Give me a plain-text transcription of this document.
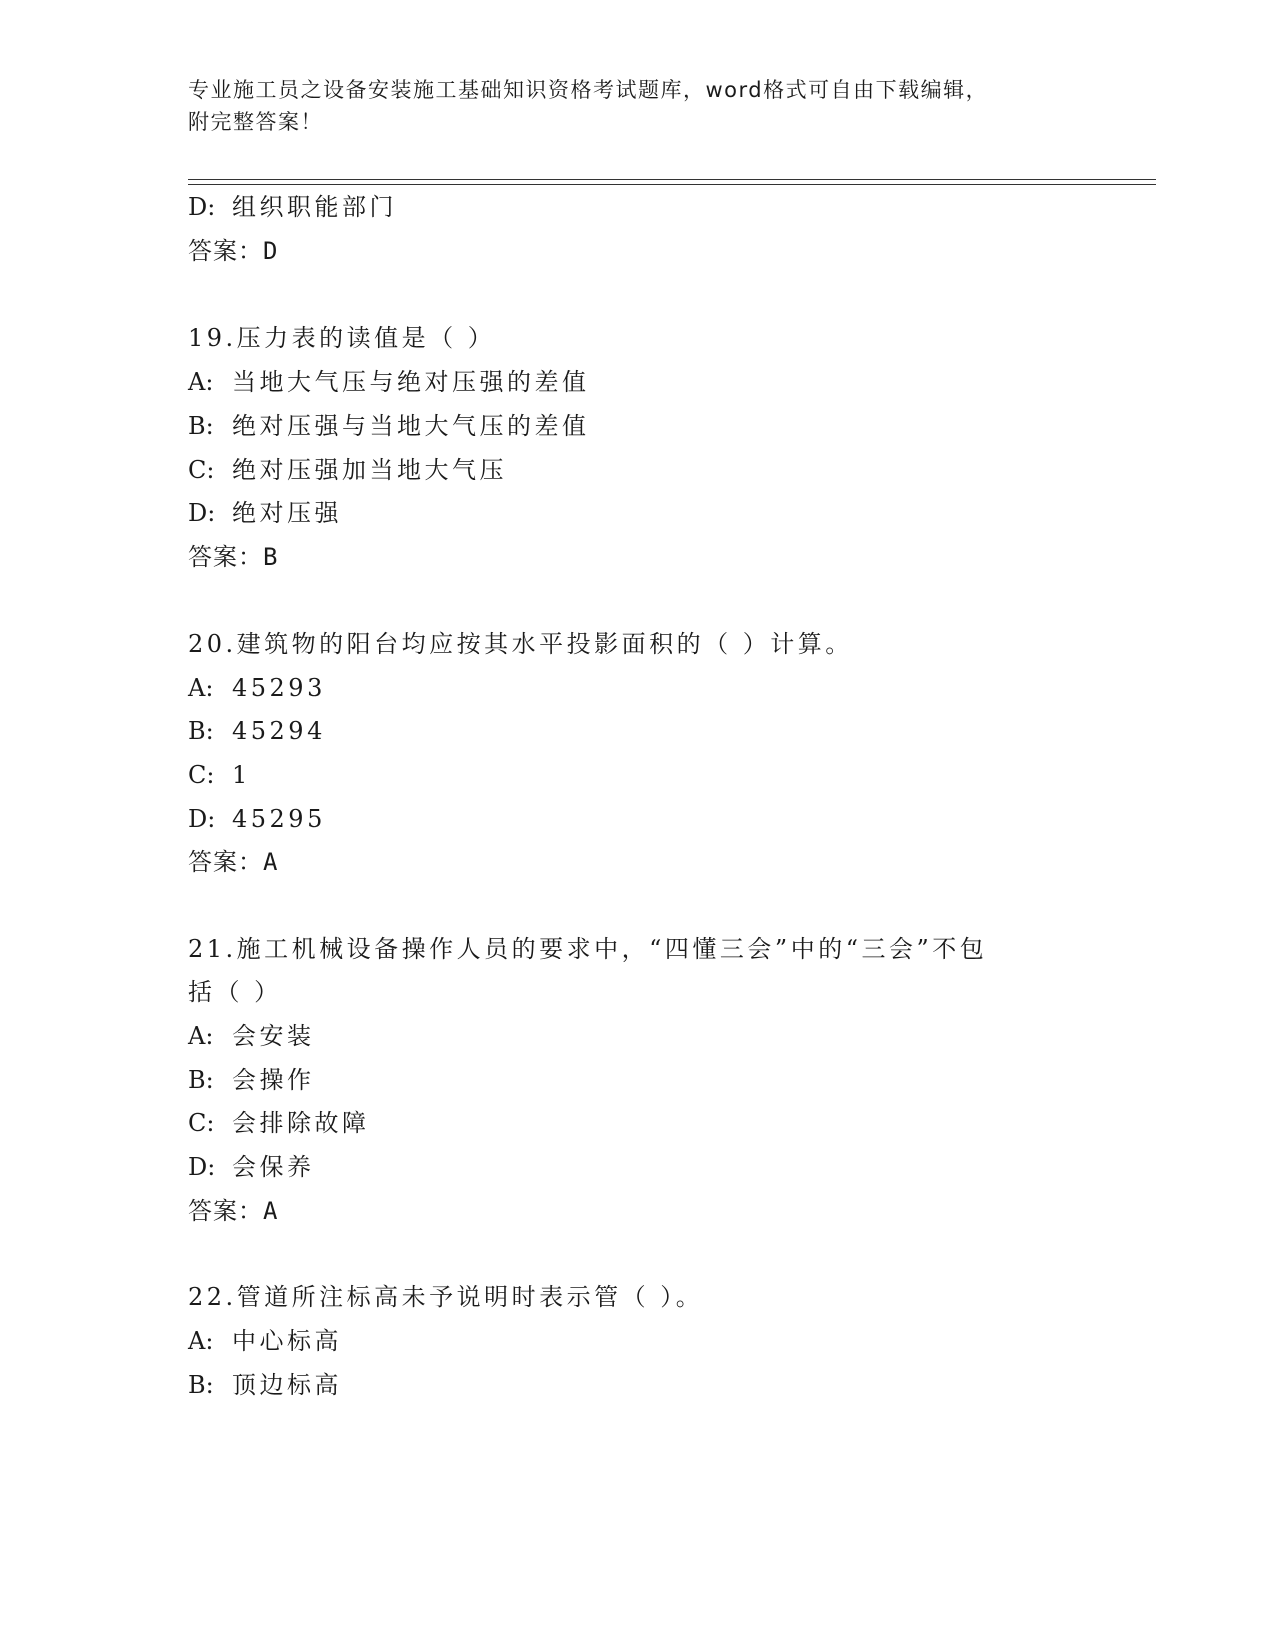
专业施工员之设备安装施工基础知识资格考试题库，word格式可自由下载编辑，
附完整答案！
D: 组织职能部门
答案：D
19.压力表的读值是（ ）
A: 当地大气压与绝对压强的差值
B: 绝对压强与当地大气压的差值
C: 绝对压强加当地大气压
D: 绝对压强
答案：B
20.建筑物的阳台均应按其水平投影面积的（ ）计算。
A: 45293
B: 45294
C: 1
D: 45295
答案：A
21.施工机械设备操作人员的要求中，“四懂三会”中的“三会”不包
括（ ）
A: 会安装
B: 会操作
C: 会排除故障
D: 会保养
答案：A
22.管道所注标高未予说明时表示管（ ）。
A: 中心标高
B: 顶边标高
